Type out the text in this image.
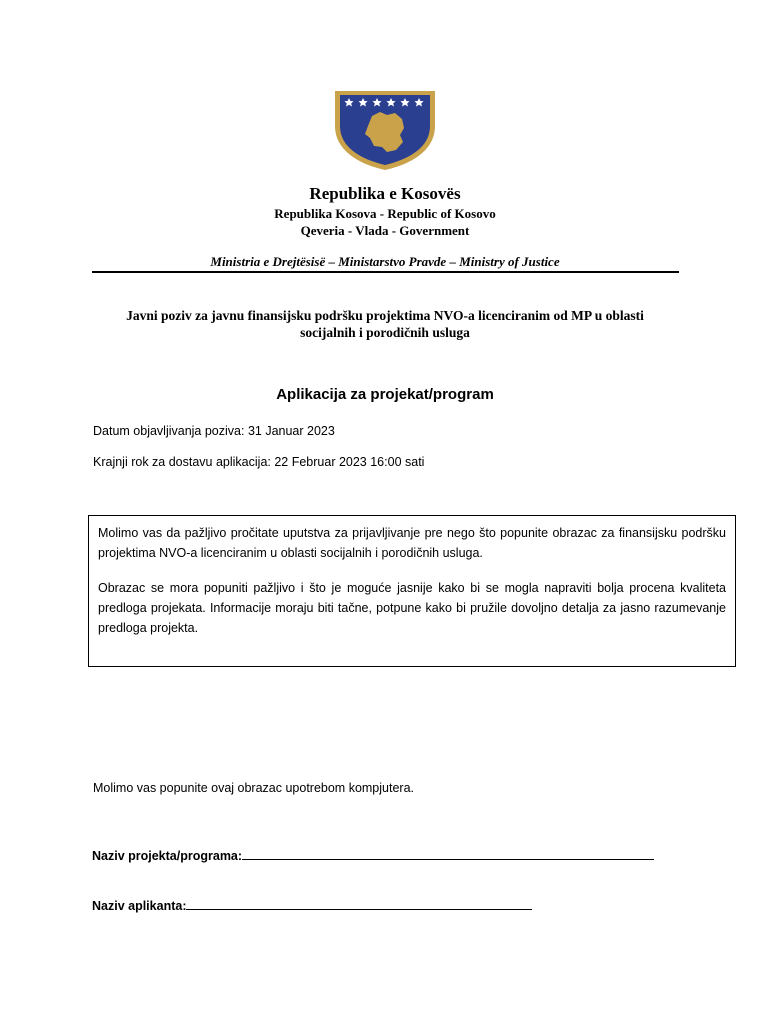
Republika e Kosovës
Republika Kosova - Republic of Kosovo
Qeveria - Vlada - Government
Ministria e Drejtësisë – Ministarstvo Pravde – Ministry of Justice
Javni poziv za javnu finansijsku podršku projektima NVO-a licenciranim od MP u oblasti socijalnih i porodičnih usluga
Aplikacija za projekat/program
Datum objavljivanja poziva: 31 Januar 2023
Krajnji rok za dostavu aplikacija: 22 Februar 2023 16:00 sati
Molimo vas da pažljivo pročitate uputstva za prijavljivanje pre nego što popunite obrazac za finansijsku podršku projektima NVO-a licenciranim u oblasti socijalnih i porodičnih usluga.
Obrazac se mora popuniti pažljivo i što je moguće jasnije kako bi se mogla napraviti bolja procena kvaliteta predloga projekata. Informacije moraju biti tačne, potpune kako bi pružile dovoljno detalja za jasno razumevanje predloga projekta.
Molimo vas popunite ovaj obrazac upotrebom kompjutera.
Naziv projekta/programa:
Naziv aplikanta:
